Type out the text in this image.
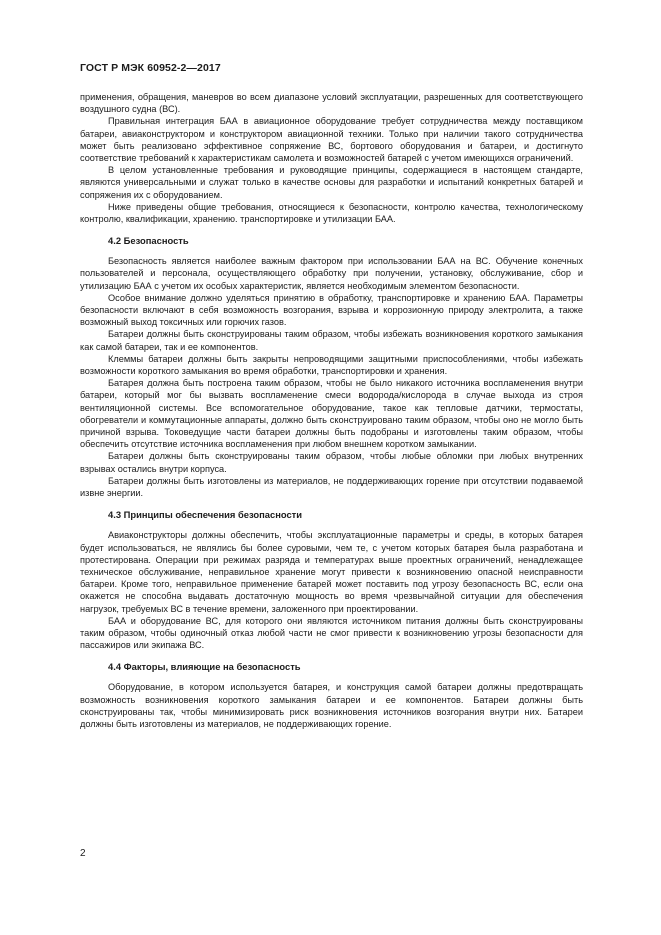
ГОСТ Р МЭК 60952-2—2017

применения, обращения, маневров во всем диапазоне условий эксплуатации, разрешенных для соответствующего воздушного судна (ВС).

Правильная интеграция БАА в авиационное оборудование требует сотрудничества между поставщиком батареи, авиаконструктором и конструктором авиационной техники. Только при наличии такого сотрудничества может быть реализовано эффективное сопряжение ВС, бортового оборудования и батареи, и достигнуто соответствие требований к характеристикам самолета и возможностей батарей с учетом имеющихся ограничений.

В целом установленные требования и руководящие принципы, содержащиеся в настоящем стандарте, являются универсальными и служат только в качестве основы для разработки и испытаний конкретных батарей и сопряжения их с оборудованием.

Ниже приведены общие требования, относящиеся к безопасности, контролю качества, технологическому контролю, квалификации, хранению. транспортировке и утилизации БАА.

4.2 Безопасность

Безопасность является наиболее важным фактором при использовании БАА на ВС. Обучение конечных пользователей и персонала, осуществляющего обработку при получении, установку, обслуживание, сбор и утилизацию БАА с учетом их особых характеристик, является необходимым элементом безопасности.

Особое внимание должно уделяться принятию в обработку, транспортировке и хранению БАА. Параметры безопасности включают в себя возможность возгорания, взрыва и коррозионную природу электролита, а также возможный выход токсичных или горючих газов.

Батареи должны быть сконструированы таким образом, чтобы избежать возникновения короткого замыкания как самой батареи, так и ее компонентов.

Клеммы батареи должны быть закрыты непроводящими защитными приспособлениями, чтобы избежать возможности короткого замыкания во время обработки, транспортировки и хранения.

Батарея должна быть построена таким образом, чтобы не было никакого источника воспламенения внутри батареи, который мог бы вызвать воспламенение смеси водорода/кислорода в случае выхода из строя вентиляционной системы. Все вспомогательное оборудование, такое как тепловые датчики, термостаты, обогреватели и коммутационные аппараты, должно быть сконструировано таким образом, чтобы оно не могло быть причиной взрыва. Токоведущие части батареи должны быть подобраны и изготовлены таким образом, чтобы обеспечить отсутствие источника воспламенения при любом внешнем коротком замыкании.

Батареи должны быть сконструированы таким образом, чтобы любые обломки при любых внутренних взрывах остались внутри корпуса.

Батареи должны быть изготовлены из материалов, не поддерживающих горение при отсутствии подаваемой извне энергии.

4.3 Принципы обеспечения безопасности

Авиаконструкторы должны обеспечить, чтобы эксплуатационные параметры и среды, в которых батарея будет использоваться, не являлись бы более суровыми, чем те, с учетом которых батарея была разработана и протестирована. Операции при режимах разряда и температурах выше проектных ограничений, ненадлежащее техническое обслуживание, неправильное хранение могут привести к возникновению опасной неисправности батареи. Кроме того, неправильное применение батарей может поставить под угрозу безопасность ВС, если она окажется не способна выдавать достаточную мощность во время чрезвычайной ситуации для обеспечения нагрузок, требуемых ВС в течение времени, заложенного при проектировании.

БАА и оборудование ВС, для которого они являются источником питания должны быть сконструированы таким образом, чтобы одиночный отказ любой части не смог привести к возникновению угрозы безопасности для пассажиров или экипажа ВС.

4.4 Факторы, влияющие на безопасность

Оборудование, в котором используется батарея, и конструкция самой батареи должны предотвращать возможность возникновения короткого замыкания батареи и ее компонентов. Батареи должны быть сконструированы так, чтобы минимизировать риск возникновения источников возгорания внутри них. Батареи должны быть изготовлены из материалов, не поддерживающих горение.

2
